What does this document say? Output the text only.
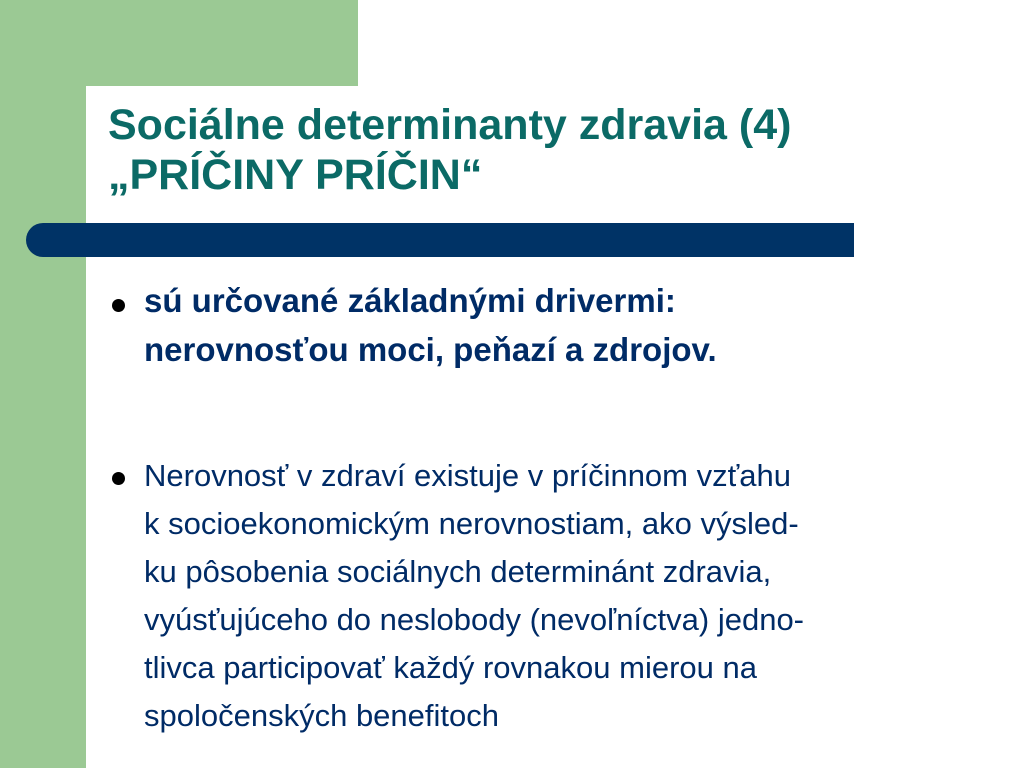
Sociálne determinanty zdravia (4)
„PRÍČINY PRÍČIN“
sú určované základnými drivermi:
nerovnosťou moci, peňazí a zdrojov.
Nerovnosť v zdraví existuje v príčinnom vzťahu
k socioekonomickým nerovnostiam, ako výsled-
ku pôsobenia sociálnych determinánt zdravia,
vyúsťujúceho do neslobody (nevoľníctva) jedno-
tlivca participovať každý rovnakou mierou na
spoločenských benefitoch
